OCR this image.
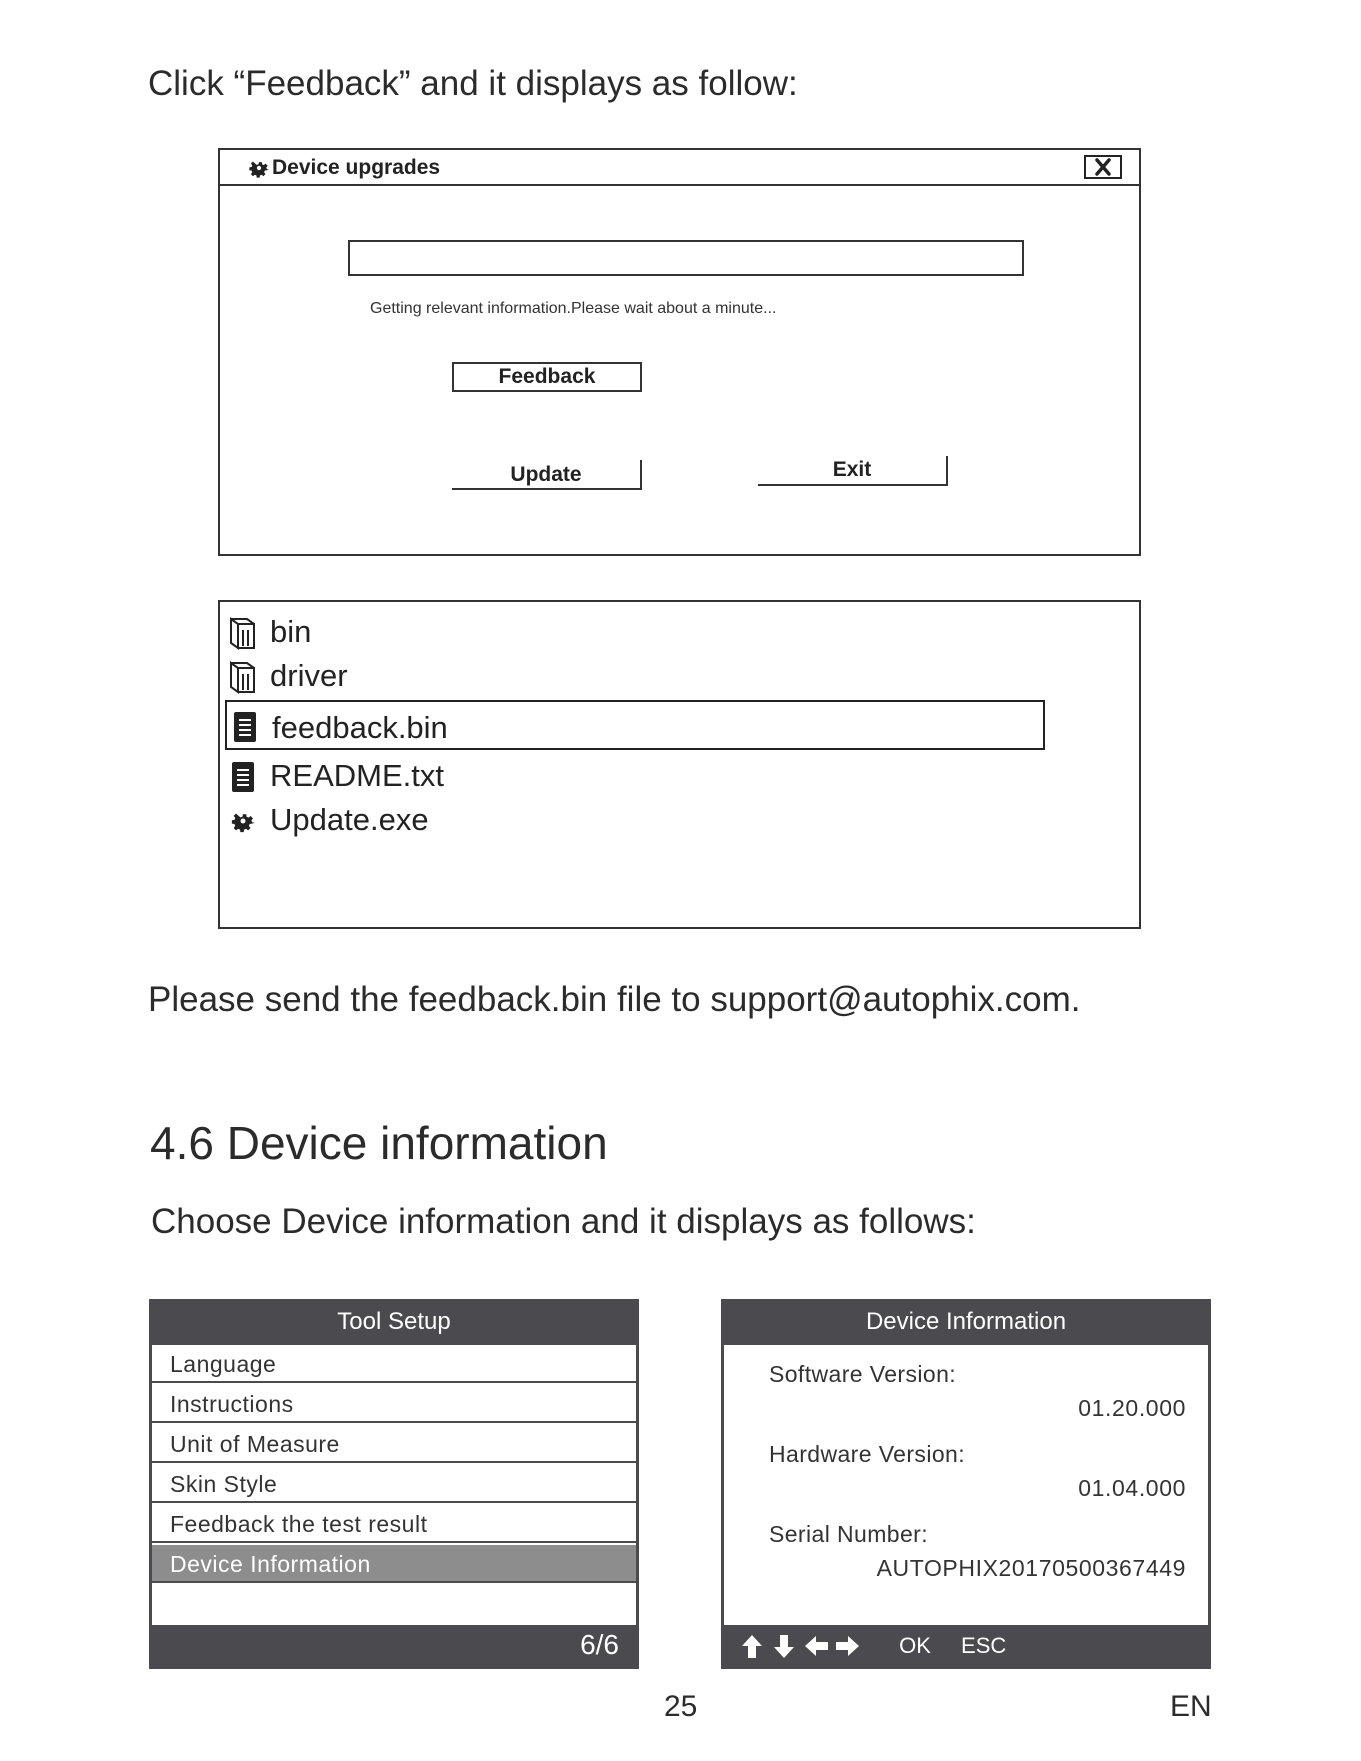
Click “Feedback” and it displays as follow:
Device upgrades
Getting relevant information.Please wait about a minute...
Feedback
Update	Exit
bin
driver
feedback.bin
README.txt
Update.exe
Please send the feedback.bin file to support@autophix.com.
4.6 Device information
Choose Device information and it displays as follows:
Tool Setup
Language
Instructions
Unit of Measure
Skin Style
Feedback the test result
Device Information
6/6
Device Information
Software Version:
01.20.000
Hardware Version:
01.04.000
Serial Number:
AUTOPHIX20170500367449
OK ESC
25	EN
